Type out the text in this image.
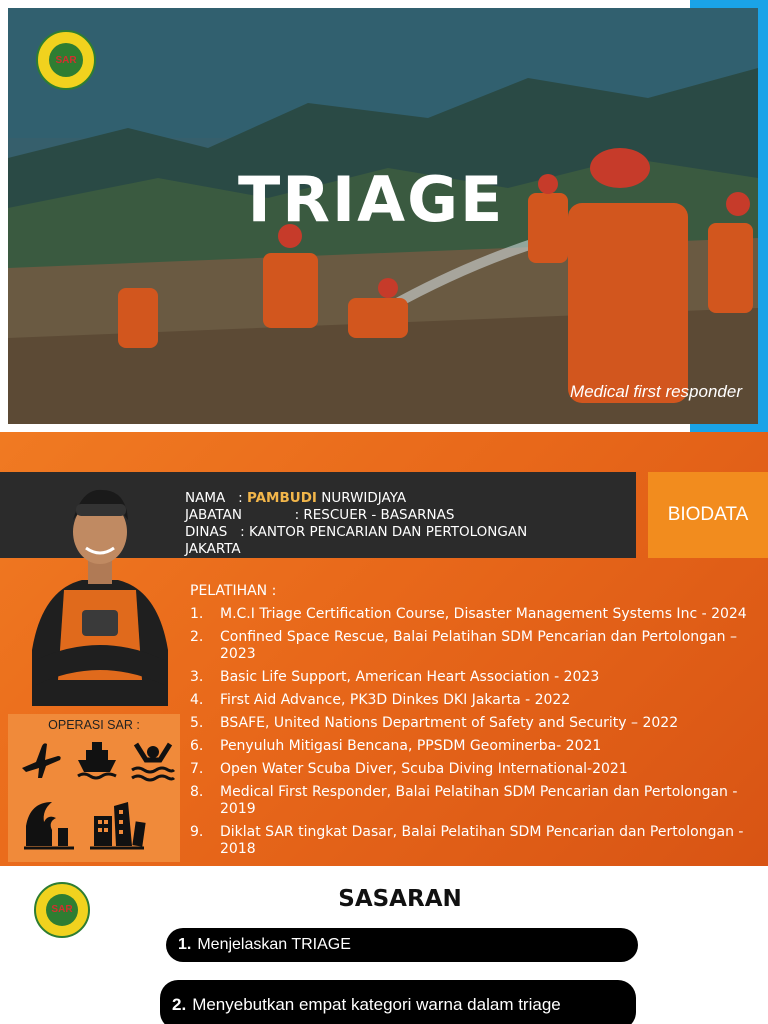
SAR
TRIAGE
Medical first responder
BIODATA
NAMA   : PAMBUDI NURWIDJAYA
JABATAN	: RESCUER - BASARNAS
DINAS : KANTOR PENCARIAN DAN PERTOLONGAN
JAKARTA
OPERASI SAR :
PELATIHAN :
1.	M.C.I Triage Certification Course, Disaster Management Systems Inc - 2024
2.	Confined Space Rescue, Balai Pelatihan SDM Pencarian dan Pertolongan – 2023
3.	Basic Life Support, American Heart Association - 2023
4.	First Aid Advance, PK3D Dinkes DKI Jakarta - 2022
5.	BSAFE, United Nations Department of Safety and Security – 2022
6.	Penyuluh Mitigasi Bencana, PPSDM Geominerba- 2021
7.	Open Water Scuba Diver, Scuba Diving International-2021
8.	Medical First Responder, Balai Pelatihan SDM Pencarian dan Pertolongan - 2019
9.	Diklat SAR tingkat Dasar, Balai Pelatihan SDM Pencarian dan Pertolongan - 2018
SAR	SASARAN
1. Menjelaskan TRIAGE
2. Menyebutkan empat kategori warna dalam triage
